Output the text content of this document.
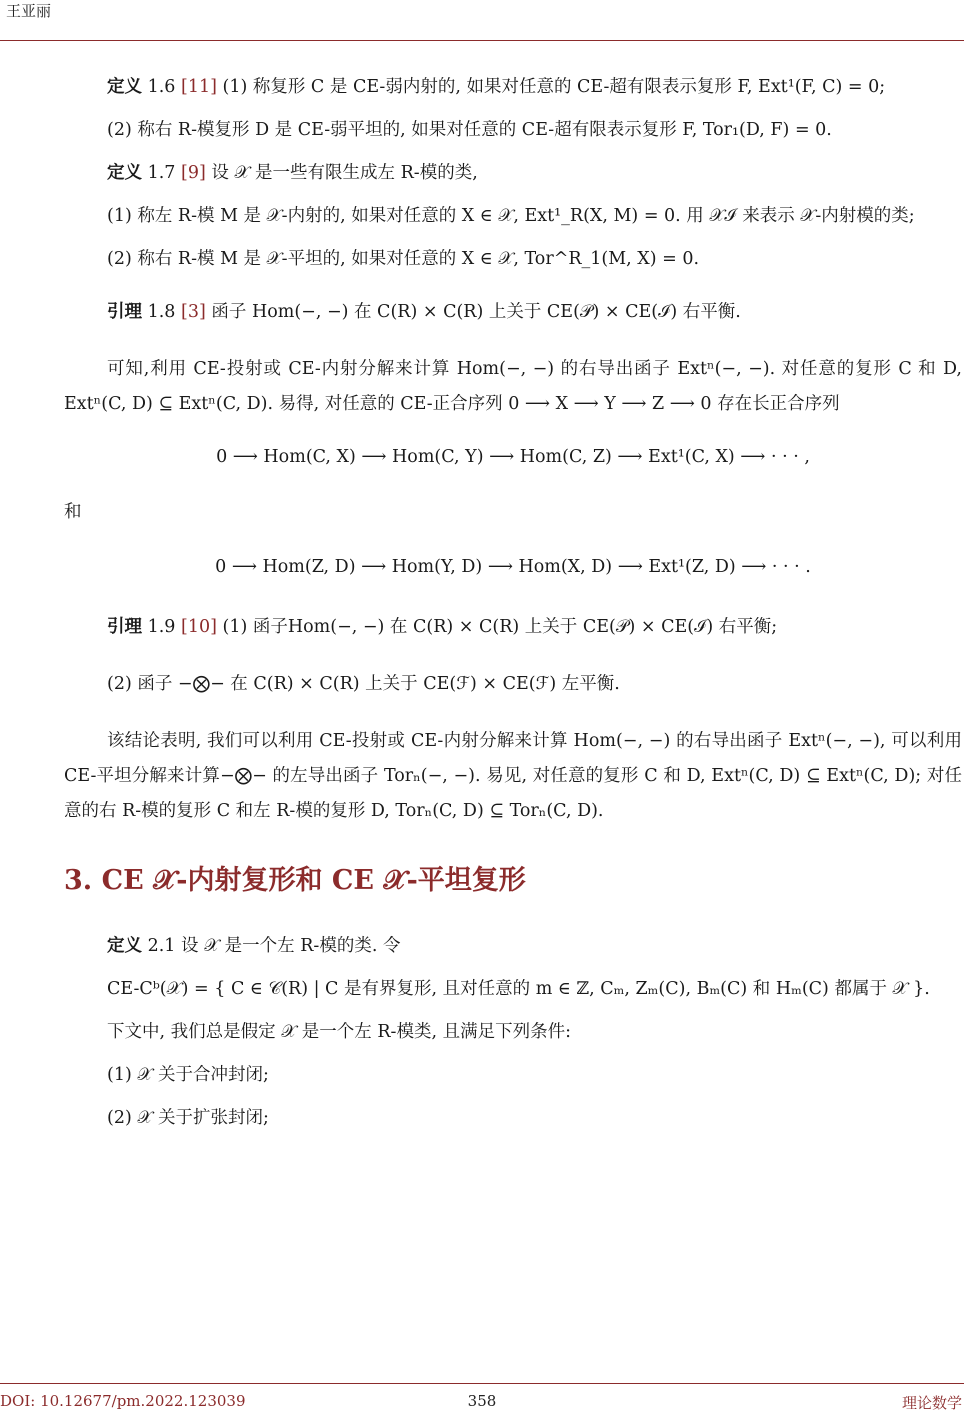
王亚丽

定义 1.6 [11] (1) 称复形 C 是 CE-弱内射的, 如果对任意的 CE-超有限表示复形 F, Ext¹(F, C) = 0;

(2) 称右 R-模复形 D 是 CE-弱平坦的, 如果对任意的 CE-超有限表示复形 F, Tor₁(D, F) = 0.

定义 1.7 [9] 设 𝒳 是一些有限生成左 R-模的类,

(1) 称左 R-模 M 是 𝒳-内射的, 如果对任意的 X ∈ 𝒳, Ext¹_R(X, M) = 0. 用 𝒳ℐ 来表示 𝒳-内射模的类;

(2) 称右 R-模 M 是 𝒳-平坦的, 如果对任意的 X ∈ 𝒳, Tor^R_1(M, X) = 0.

引理 1.8 [3] 函子 Hom(−, −) 在 C(R) × C(R) 上关于 CE(𝒫) × CE(ℐ) 右平衡.

可知,利用 CE-投射或 CE-内射分解来计算 Hom(−, −) 的右导出函子 Extⁿ(−, −). 对任意的复形 C 和 D, Extⁿ(C, D) ⊆ Extⁿ(C, D). 易得, 对任意的 CE-正合序列 0 ⟶ X ⟶ Y ⟶ Z ⟶ 0 存在长正合序列

0 ⟶ Hom(C, X) ⟶ Hom(C, Y) ⟶ Hom(C, Z) ⟶ Ext¹(C, X) ⟶ · · · ,

和

0 ⟶ Hom(Z, D) ⟶ Hom(Y, D) ⟶ Hom(X, D) ⟶ Ext¹(Z, D) ⟶ · · · .

引理 1.9 [10] (1) 函子Hom(−, −) 在 C(R) × C(R) 上关于 CE(𝒫) × CE(ℐ) 右平衡;

(2) 函子 −⨂− 在 C(R) × C(R) 上关于 CE(ℱ) × CE(ℱ) 左平衡.

该结论表明, 我们可以利用 CE-投射或 CE-内射分解来计算 Hom(−, −) 的右导出函子 Extⁿ(−, −), 可以利用 CE-平坦分解来计算−⨂− 的左导出函子 Torₙ(−, −). 易见, 对任意的复形 C 和 D, Extⁿ(C, D) ⊆ Extⁿ(C, D); 对任意的右 R-模的复形 C 和左 R-模的复形 D, Torₙ(C, D) ⊆ Torₙ(C, D).

3. CE 𝒳-内射复形和 CE 𝒳-平坦复形

定义 2.1 设 𝒳 是一个左 R-模的类. 令

CE-Cᵇ(𝒳) = { C ∈ 𝒞(R) | C 是有界复形, 且对任意的 m ∈ ℤ, Cₘ, Zₘ(C), Bₘ(C) 和 Hₘ(C) 都属于 𝒳 }.

下文中, 我们总是假定 𝒳 是一个左 R-模类, 且满足下列条件:

(1) 𝒳 关于合冲封闭;

(2) 𝒳 关于扩张封闭;

DOI: 10.12677/pm.2022.123039	358	理论数学
